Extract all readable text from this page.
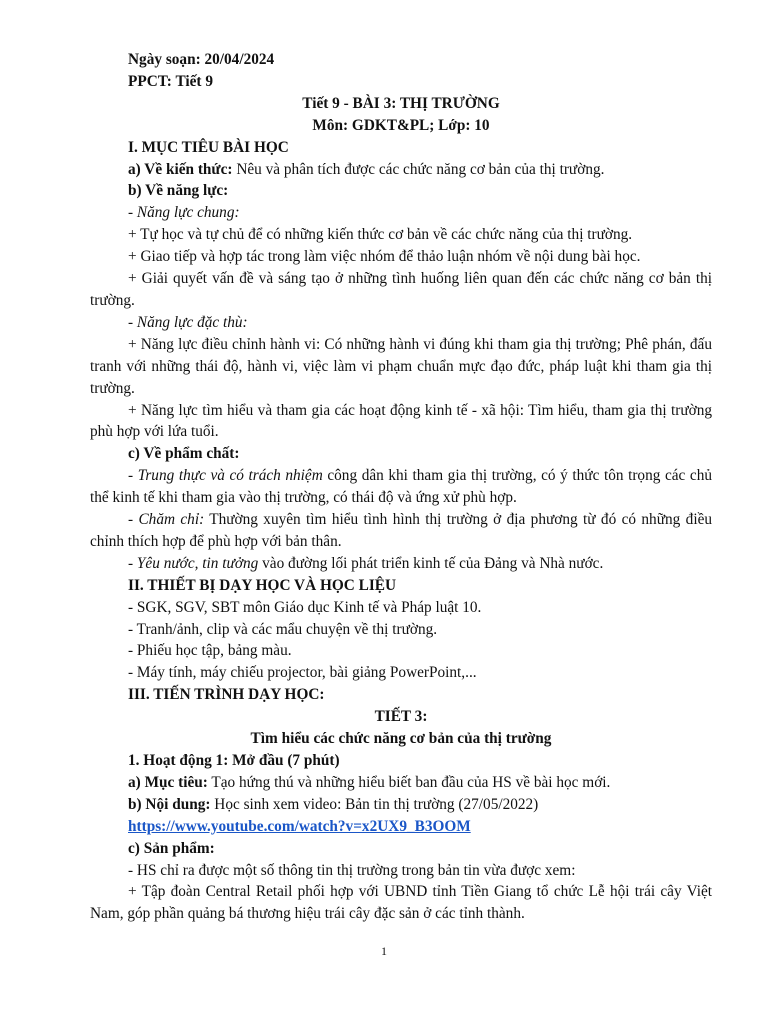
Ngày soạn: 20/04/2024

PPCT: Tiết 9

Tiết 9 - BÀI 3: THỊ TRƯỜNG

Môn: GDKT&PL; Lớp: 10

I. MỤC TIÊU BÀI HỌC

a) Về kiến thức: Nêu và phân tích được các chức năng cơ bản của thị trường.

b) Về năng lực:

- Năng lực chung:

+ Tự học và tự chủ để có những kiến thức cơ bản về các chức năng của thị trường.

+ Giao tiếp và hợp tác trong làm việc nhóm để thảo luận nhóm về nội dung bài học.

+ Giải quyết vấn đề và sáng tạo ở những tình huống liên quan đến các chức năng cơ bản thị trường.

- Năng lực đặc thù:

+ Năng lực điều chỉnh hành vi: Có những hành vi đúng khi tham gia thị trường; Phê phán, đấu tranh với những thái độ, hành vi, việc làm vi phạm chuẩn mực đạo đức, pháp luật khi tham gia thị trường.

+ Năng lực tìm hiểu và tham gia các hoạt động kinh tế - xã hội: Tìm hiểu, tham gia thị trường phù hợp với lứa tuổi.

c) Về phẩm chất:

- Trung thực và có trách nhiệm công dân khi tham gia thị trường, có ý thức tôn trọng các chủ thể kinh tế khi tham gia vào thị trường, có thái độ và ứng xử phù hợp.

- Chăm chỉ: Thường xuyên tìm hiểu tình hình thị trường ở địa phương từ đó có những điều chỉnh thích hợp để phù hợp với bản thân.

- Yêu nước, tin tưởng vào đường lối phát triển kinh tế của Đảng và Nhà nước.

II. THIẾT BỊ DẠY HỌC VÀ HỌC LIỆU

- SGK, SGV, SBT môn Giáo dục Kinh tế và Pháp luật 10.

- Tranh/ảnh, clip và các mẩu chuyện về thị trường.

- Phiếu học tập, bảng màu.

- Máy tính, máy chiếu projector, bài giảng PowerPoint,...

III. TIẾN TRÌNH DẠY HỌC:

TIẾT 3:

Tìm hiểu các chức năng cơ bản của thị trường

1. Hoạt động 1: Mở đầu (7 phút)

a) Mục tiêu: Tạo hứng thú và những hiểu biết ban đầu của HS về bài học mới.

b) Nội dung: Học sinh xem video: Bản tin thị trường (27/05/2022)

https://www.youtube.com/watch?v=x2UX9_B3OOM

c) Sản phẩm:

- HS chỉ ra được một số thông tin thị trường trong bản tin vừa được xem:

+ Tập đoàn Central Retail phối hợp với UBND tỉnh Tiền Giang tổ chức Lễ hội trái cây Việt Nam, góp phần quảng bá thương hiệu trái cây đặc sản ở các tỉnh thành.

1
